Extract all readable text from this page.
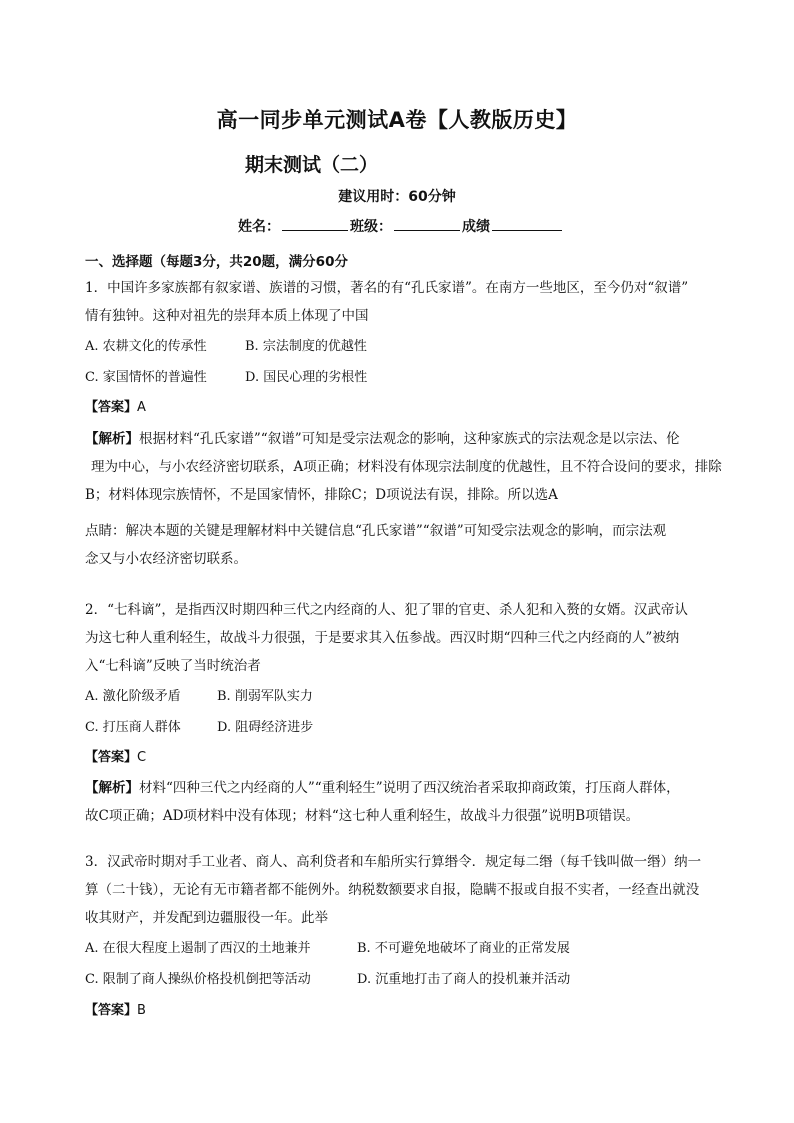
高一同步单元测试A卷【人教版历史】
期末测试（二）
建议用时：60分钟
姓名：	班级：	成绩
一、选择题（每题3分，共20题，满分60分
1．中国许多家族都有叙家谱、族谱的习惯，著名的有“孔氏家谱”。在南方一些地区，至今仍对“叙谱”
情有独钟。这种对祖先的崇拜本质上体现了中国
A. 农耕文化的传承性	B. 宗法制度的优越性
C. 家国情怀的普遍性	D. 国民心理的劣根性
【答案】A
【解析】根据材料“孔氏家谱”“叙谱”可知是受宗法观念的影响，这种家族式的宗法观念是以宗法、伦
理为中心，与小农经济密切联系，A项正确；材料没有体现宗法制度的优越性，且不符合设问的要求，排除
B；材料体现宗族情怀，不是国家情怀，排除C；D项说法有误，排除。所以选A
点睛：解决本题的关键是理解材料中关键信息“孔氏家谱”“叙谱”可知受宗法观念的影响，而宗法观
念又与小农经济密切联系。
2．“七科谪”，是指西汉时期四种三代之内经商的人、犯了罪的官吏、杀人犯和入赘的女婿。汉武帝认
为这七种人重利轻生，故战斗力很强，于是要求其入伍参战。西汉时期“四种三代之内经商的人”被纳
入“七科谪”反映了当时统治者
A. 激化阶级矛盾	B. 削弱军队实力
C. 打压商人群体	D. 阻碍经济进步
【答案】C
【解析】材料“四种三代之内经商的人”“重利轻生”说明了西汉统治者采取抑商政策，打压商人群体，
故C项正确；AD项材料中没有体现；材料“这七种人重利轻生，故战斗力很强”说明B项错误。
3．汉武帝时期对手工业者、商人、高利贷者和车船所实行算缗令．规定每二缗（每千钱叫做一缗）纳一
算（二十钱），无论有无市籍者都不能例外。纳税数额要求自报，隐瞒不报或自报不实者，一经查出就没
收其财产，并发配到边疆服役一年。此举
A. 在很大程度上遏制了西汉的土地兼并	B. 不可避免地破坏了商业的正常发展
C. 限制了商人操纵价格投机倒把等活动	D. 沉重地打击了商人的投机兼并活动
【答案】B
